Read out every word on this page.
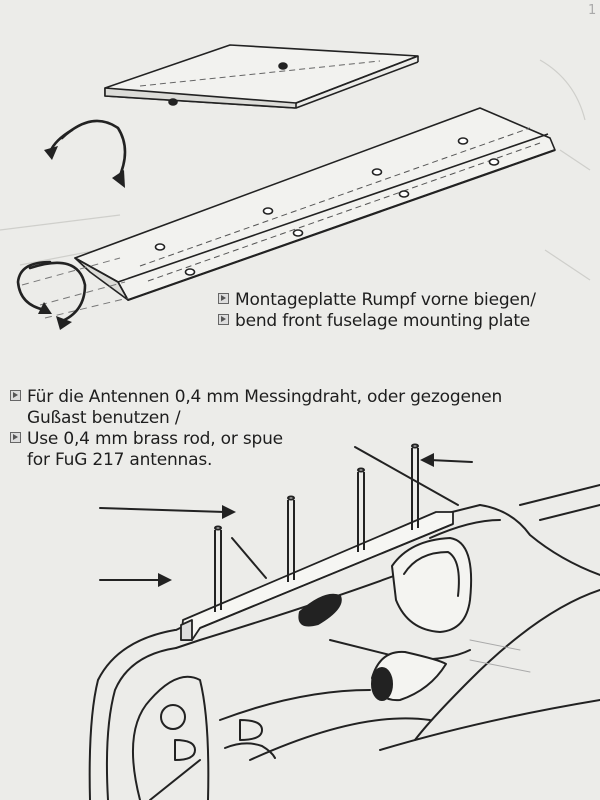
1
Montageplatte Rumpf vorne biegen/
bend front fuselage mounting plate
Für die Antennen 0,4 mm Messingdraht, oder gezogenen
Gußast benutzen /
Use 0,4 mm brass rod, or spue
for FuG 217 antennas.
